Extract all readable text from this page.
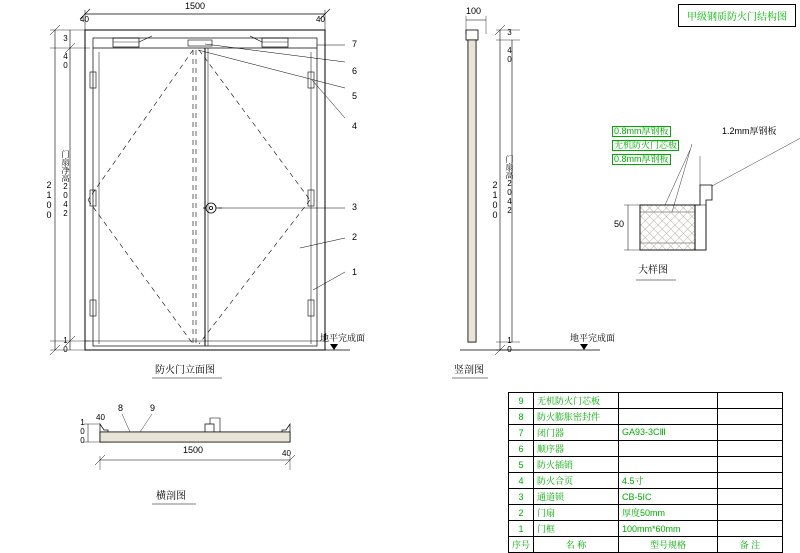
甲级钢质防火门结构图
1500
2100 门扇净高2042
3 40
10
40	40
地平完成面
防火门立面图
7
6
5
4
3
2
1
100
2100 门扇高2042
3 40
10	地平完成面
竖剖图
0.8mm厚钢板
无机防火门芯板
0.8mm厚钢板
1.2mm厚钢板
50
大样图
1500
40
40
100
8	9
横剖图
9	无机防火门芯板		
8	防火膨胀密封件		
7	闭门器	GA93-3CⅢ	
6	顺序器		
5	防火插销		
4	防火合页	4.5寸	
3	通道锁	CB-5IC	
2	门扇	厚度50mm	
1	门框	100mm*60mm	
序号	名 称	型号规格	备 注
